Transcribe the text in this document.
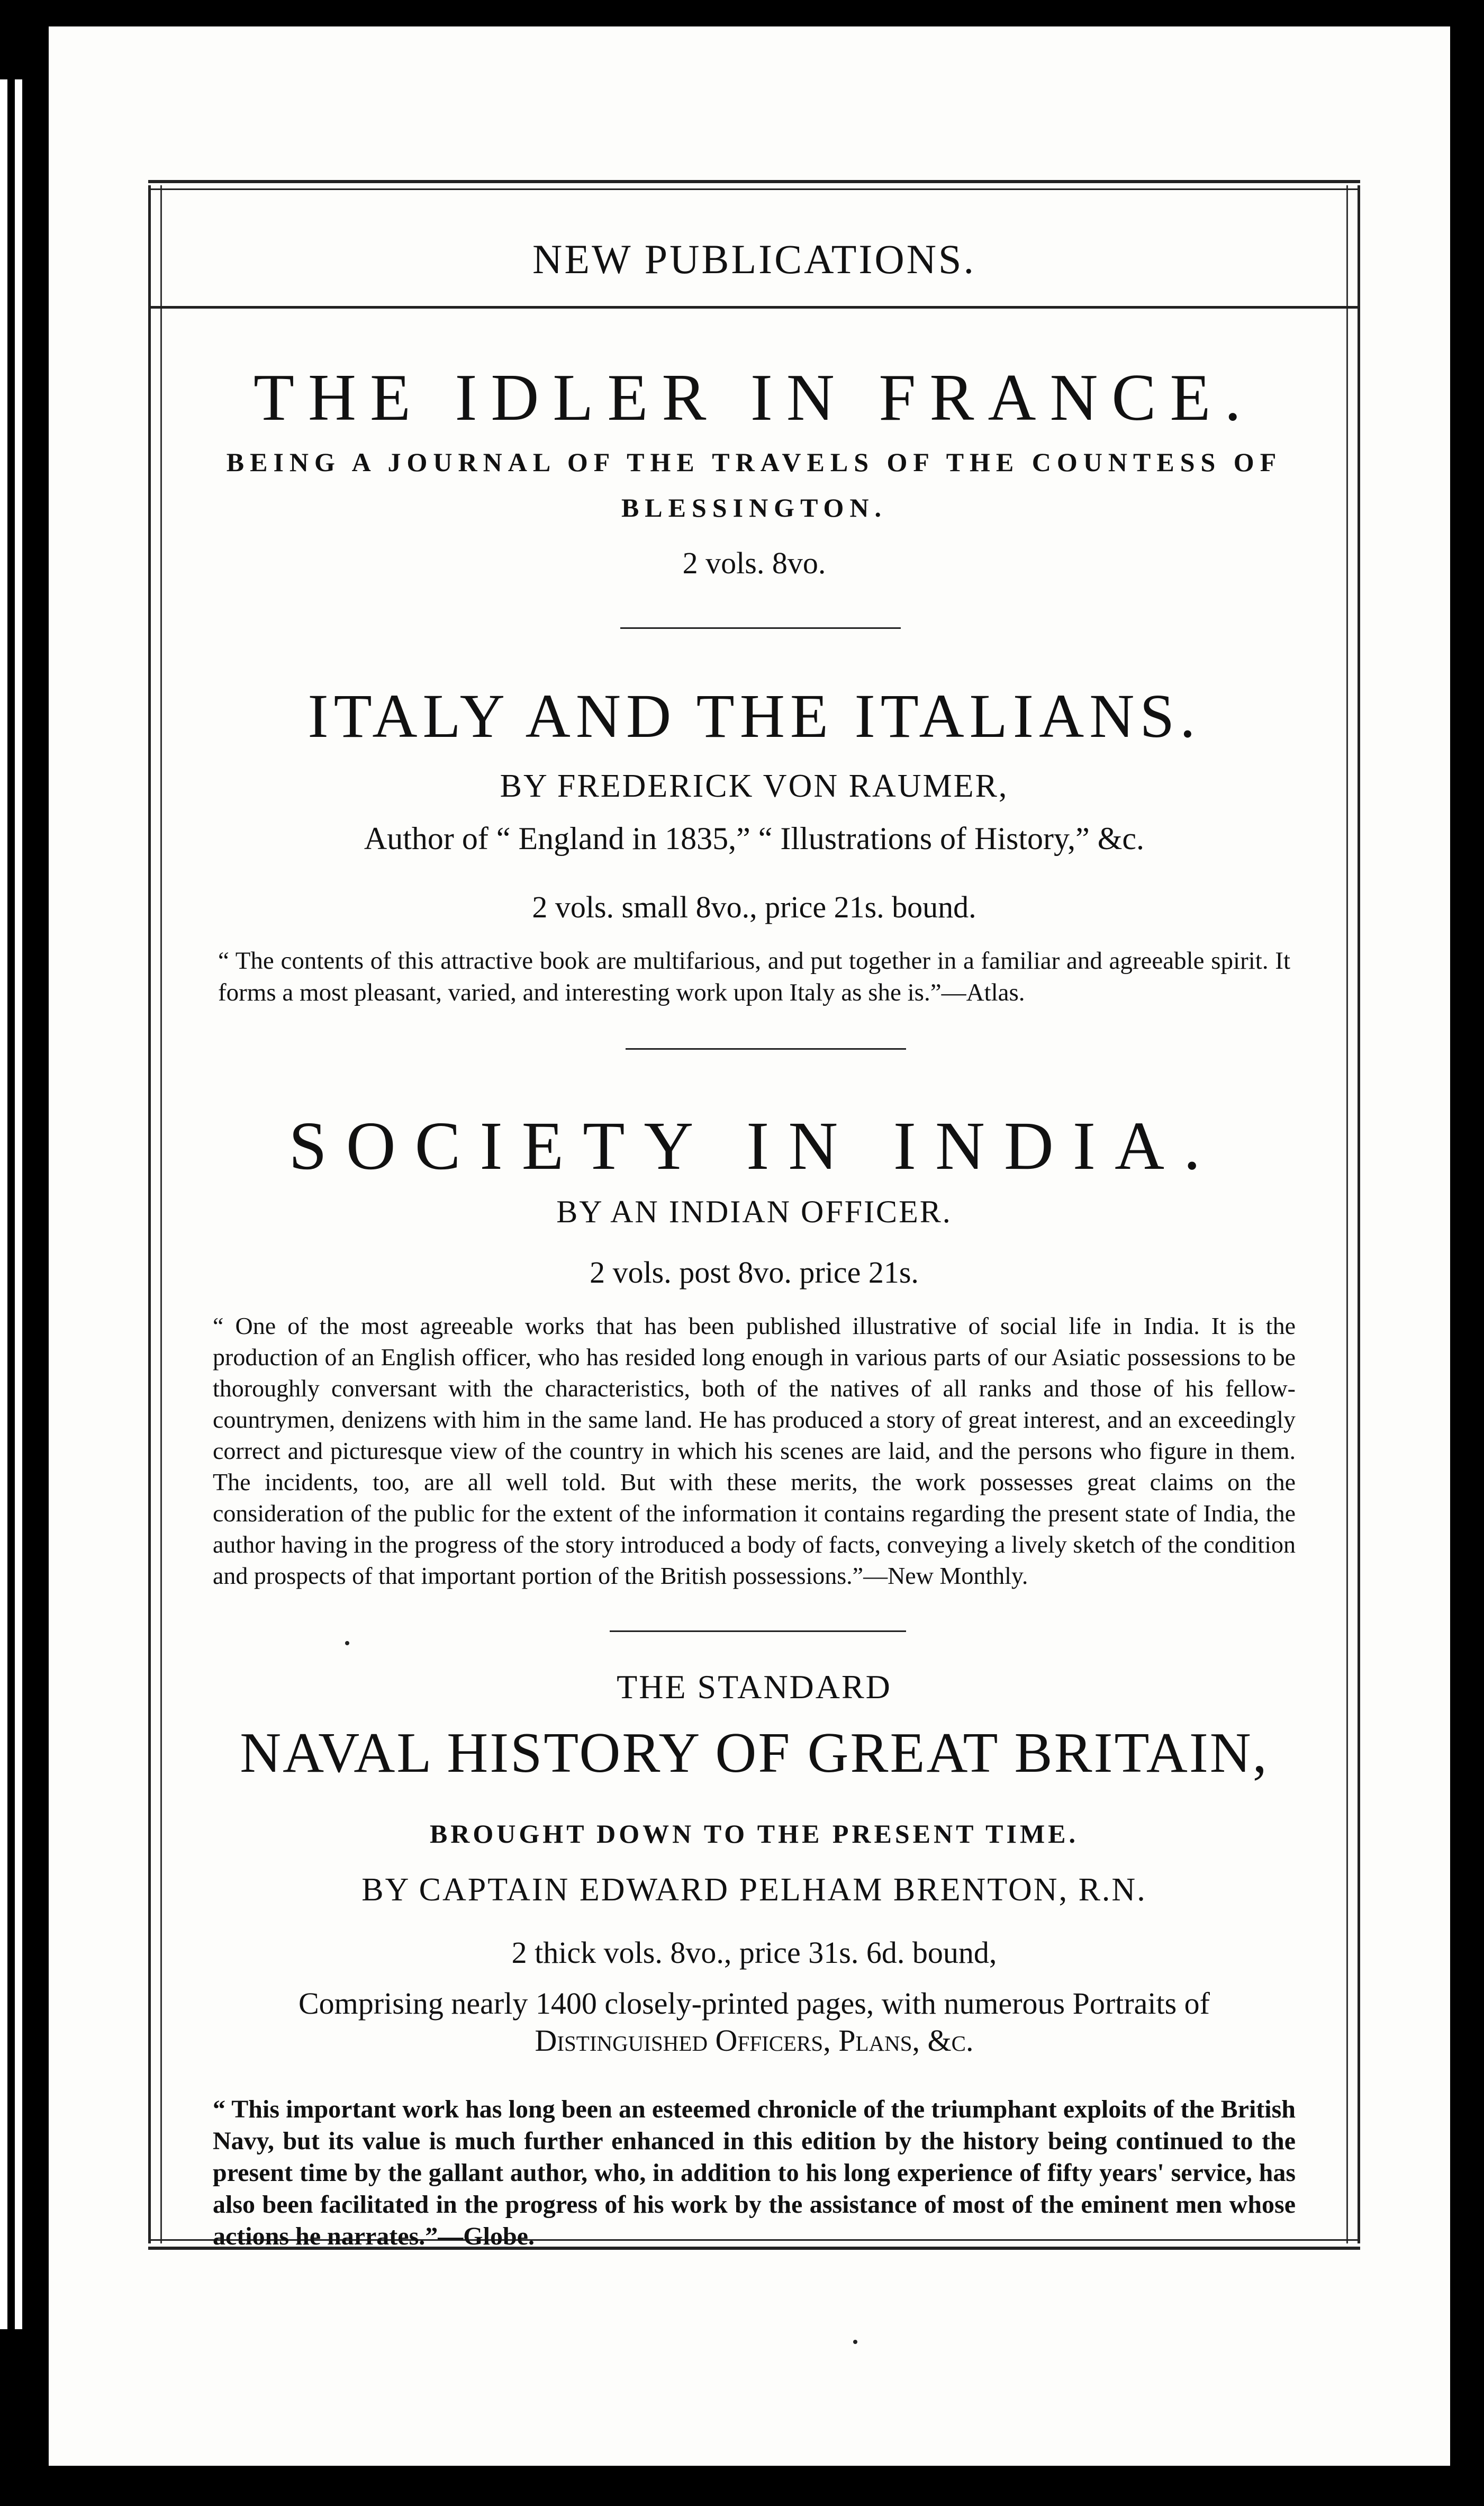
NEW PUBLICATIONS.
THE IDLER IN FRANCE.
BEING A JOURNAL OF THE TRAVELS OF THE COUNTESS OF BLESSINGTON.
2 vols. 8vo.
ITALY AND THE ITALIANS.
BY FREDERICK VON RAUMER,
Author of “ England in 1835,” “ Illustrations of History,” &c.
2 vols. small 8vo., price 21s. bound.
“ The contents of this attractive book are multifarious, and put together in a familiar and agreeable spirit. It forms a most pleasant, varied, and interesting work upon Italy as she is.”—Atlas.
SOCIETY IN INDIA.
BY AN INDIAN OFFICER.
2 vols. post 8vo. price 21s.
“ One of the most agreeable works that has been published illustrative of social life in India. It is the production of an English officer, who has resided long enough in various parts of our Asiatic possessions to be thoroughly conversant with the characteristics, both of the natives of all ranks and those of his fellow-countrymen, denizens with him in the same land. He has produced a story of great interest, and an exceedingly correct and picturesque view of the country in which his scenes are laid, and the persons who figure in them. The incidents, too, are all well told. But with these merits, the work possesses great claims on the consideration of the public for the extent of the information it contains regarding the present state of India, the author having in the progress of the story introduced a body of facts, conveying a lively sketch of the condition and prospects of that important portion of the British possessions.”—New Monthly.
THE STANDARD
NAVAL HISTORY OF GREAT BRITAIN,
BROUGHT DOWN TO THE PRESENT TIME.
BY CAPTAIN EDWARD PELHAM BRENTON, R.N.
2 thick vols. 8vo., price 31s. 6d. bound,
Comprising nearly 1400 closely-printed pages, with numerous Portraits of
Distinguished Officers, Plans, &c.
“ This important work has long been an esteemed chronicle of the triumphant exploits of the British Navy, but its value is much further enhanced in this edition by the history being continued to the present time by the gallant author, who, in addition to his long experience of fifty years' service, has also been facilitated in the progress of his work by the assistance of most of the eminent men whose actions he narrates.”—Globe.
